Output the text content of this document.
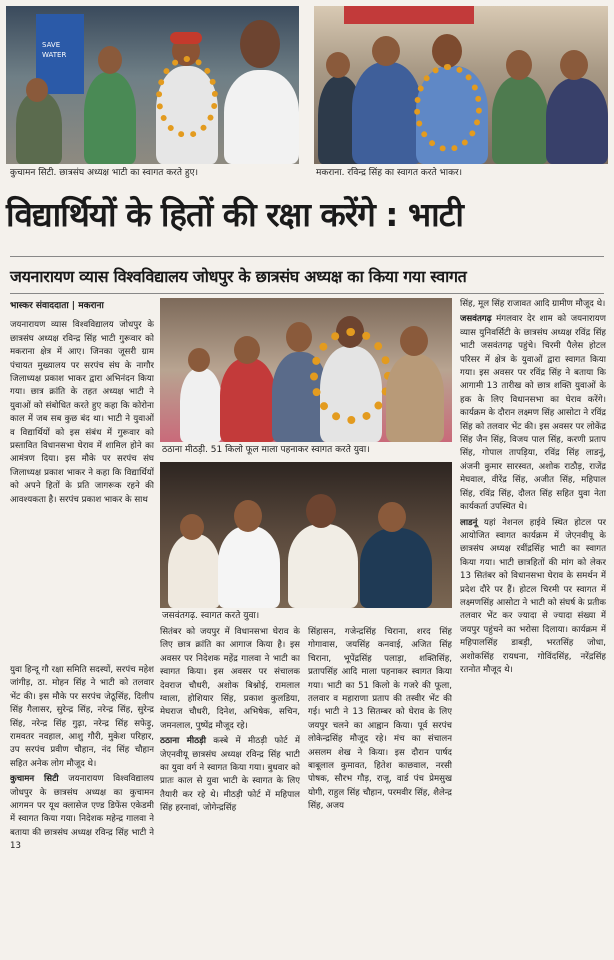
SAVE WATER
कुचामन सिटी. छात्रसंघ अध्यक्ष भाटी का स्वागत करते हुए।	मकराना. रविन्द्र सिंह का स्वागत करते भाकर।
विद्यार्थियों के हितों की रक्षा करेंगे : भाटी
जयनारायण व्यास विश्वविद्यालय जोधपुर के छात्रसंघ अध्यक्ष का किया गया स्वागत

भास्कर संवाददाता | मकराना

जयनारायण व्यास विश्वविद्यालय जोधपुर के छात्रसंघ अध्यक्ष रविन्द्र सिंह भाटी गुरूवार को मकराना क्षेत्र में आए। जिनका जूसरी ग्राम पंचायत मुख्यालय पर सरपंच संघ के नागौर जिलाध्यक्ष प्रकाश भाकर द्वारा अभिनंदन किया गया। छात्र क्रांति के तहत अध्यक्ष भाटी ने युवाओं को संबोधित करते हुए कहा कि कोरोना काल में जब सब कुछ बंद था। भाटी ने युवाओं व विद्यार्थियों को इस संबंध में गुरूवार को प्रस्तावित विधानसभा घेराव में शामिल होने का आमंत्रण दिया। इस मौके पर सरपंच संघ जिलाध्यक्ष प्रकाश भाकर ने कहा कि विद्यार्थियों को अपने हितों के प्रति जागरूक रहने की आवश्यकता है। सरपंच प्रकाश भाकर के साथ

ठठाना मीठड़ी. 51 किलो फूल माला पहनाकर स्वागत करते युवा।
जसवंतगढ़. स्वागत करते युवा।

युवा हिन्दू गौ रक्षा समिति सदस्यों, सरपंच महेश जांगीड़, ठा. मोहन सिंह ने भाटी को तलवार भेंट की। इस मौके पर सरपंच जेठूसिंह, दिलीप सिंह गैलासर, सुरेन्द्र सिंह, नरेन्द्र सिंह, सुरेन्द्र सिंह, नरेन्द्र सिंह गुढ़ा, नरेन्द्र सिंह सफेड़ु, रामवतर नवहाल, आशु गौरी, मुकेश परिहार, उप सरपंच प्रवीण चौहान, नंद सिंह चौहान सहित अनेक लोग मौजूद थे।

कुचामन सिटी जयनारायण विश्वविद्यालय जोधपुर के छात्रसंघ अध्यक्ष का कुचामन आगमन पर यूथ क्लासेज एण्ड डिफेंस एकेडमी में स्वागत किया गया। निदेशक महेन्द्र गालवा ने बताया की छात्रसंघ अध्यक्ष रविन्द्र सिंह भाटी ने 13

सितंबर को जयपुर में विधानसभा घेराव के लिए छात्र क्रांति का आगाज किया है। इस अवसर पर निदेशक महेंद्र गालवा ने भाटी का स्वागत किया। इस अवसर पर संचालक देवराज चौधरी, अशोक बिश्नोई, रामलाल ग्वाला, होशियार सिंह, प्रकाश कुलडिया, मेघराज चौधरी, दिनेश, अभिषेक, सचिन, जमनलाल, पुष्पेंद्र मौजूद रहे।

ठठाना मीठड़ी कस्बे में मीठड़ी फोर्ट में जेएनवीयू छात्रसंघ अध्यक्ष रविन्द्र सिंह भाटी का युवा वर्ग ने स्वागत किया गया। बुधवार को प्रातः काल से युवा भाटी के स्वागत के लिए तैयारी कर रहे थे। मीठड़ी फोर्ट में महिपाल सिंह हरनावां, जोगेन्द्रसिंह

सिंहासन, गजेन्द्रसिंह चिराना, शरद सिंह गोगावास, जयसिंह कनवाई, अजित सिंह चिराना, भूपेंद्रसिंह पलाड़ा, शक्तिसिंह, प्रतापसिंह आदि माला पहनाकर स्वागत किया गया। भाटी का 51 किलो के गजरे की फूला, तलवार व महाराणा प्रताप की तस्वीर भेंट की गई। भाटी ने 13 सितम्बर को घेराव के लिए जयपुर चलने का आह्वान किया। पूर्व सरपंच लोकेन्द्रसिंह मौजूद रहे। मंच का संचालन असलम शेख ने किया। इस दौरान पार्षद बाबूलाल कुमावत, हितेश काछवाल, नरसी पोषक, सौरभ गौड़, राजू, वार्ड पंच प्रेमसुख योगी, राहुल सिंह चौहान, परमवीर सिंह, शैलेन्द्र सिंह, अजय

सिंह, मूल सिंह राजावत आदि ग्रामीण मौजूद थे।

जसवंतगढ़ मंगलवार देर शाम को जयनारायण व्यास युनिवर्सिटी के छात्रसंघ अध्यक्ष रविंद्र सिंह भाटी जसवंतगढ़ पहुंचे। चिरमी पैलेस होटल परिसर में क्षेत्र के युवाओं द्वारा स्वागत किया गया। इस अवसर पर रविंद्र सिंह ने बताया कि आगामी 13 तारीख को छात्र शक्ति युवाओं के हक के लिए विधानसभा का घेराव करेंगे। कार्यक्रम के दौरान लक्ष्मण सिंह आसोटा ने रविंद्र सिंह को तलवार भेंट की। इस अवसर पर लोकेंद्र सिंह जैन सिंह, विजय पाल सिंह, करणी प्रताप सिंह, गोपाल तापड़िया, रविंद्र सिंह लाडनूं, अंजनी कुमार सारस्वत, अशोक राठौड़, राजेंद्र मेघवाल, वीरेंद्र सिंह, अजीत सिंह, महिपाल सिंह, रविंद्र सिंह, दौलत सिंह सहित युवा नेता कार्यकर्ता उपस्थित थे।

लाडनूं यहां नेशनल हाईवे स्थित होटल पर आयोजित स्वागत कार्यक्रम में जेएनवीयू के छात्रसंघ अध्यक्ष रवींद्रसिंह भाटी का स्वागत किया गया। भाटी छात्रहितों की मांग को लेकर 13 सितंबर को विधानसभा घेराव के समर्थन में प्रदेश दौरे पर हैं। होटल चिरमी पर स्वागत में लक्ष्मणसिंह आसोटा ने भाटी को संघर्ष के प्रतीक तलवार भेंट कर ज्यादा से ज्यादा संख्या में जयपुर पहुंचने का भरोसा दिलाया। कार्यक्रम में महिपालसिंह डाबड़ी, भरतसिंह जोधा, अशोकसिंह रायधना, गोविंदसिंह, नरेंद्रसिंह रतनोत मौजूद थे।
